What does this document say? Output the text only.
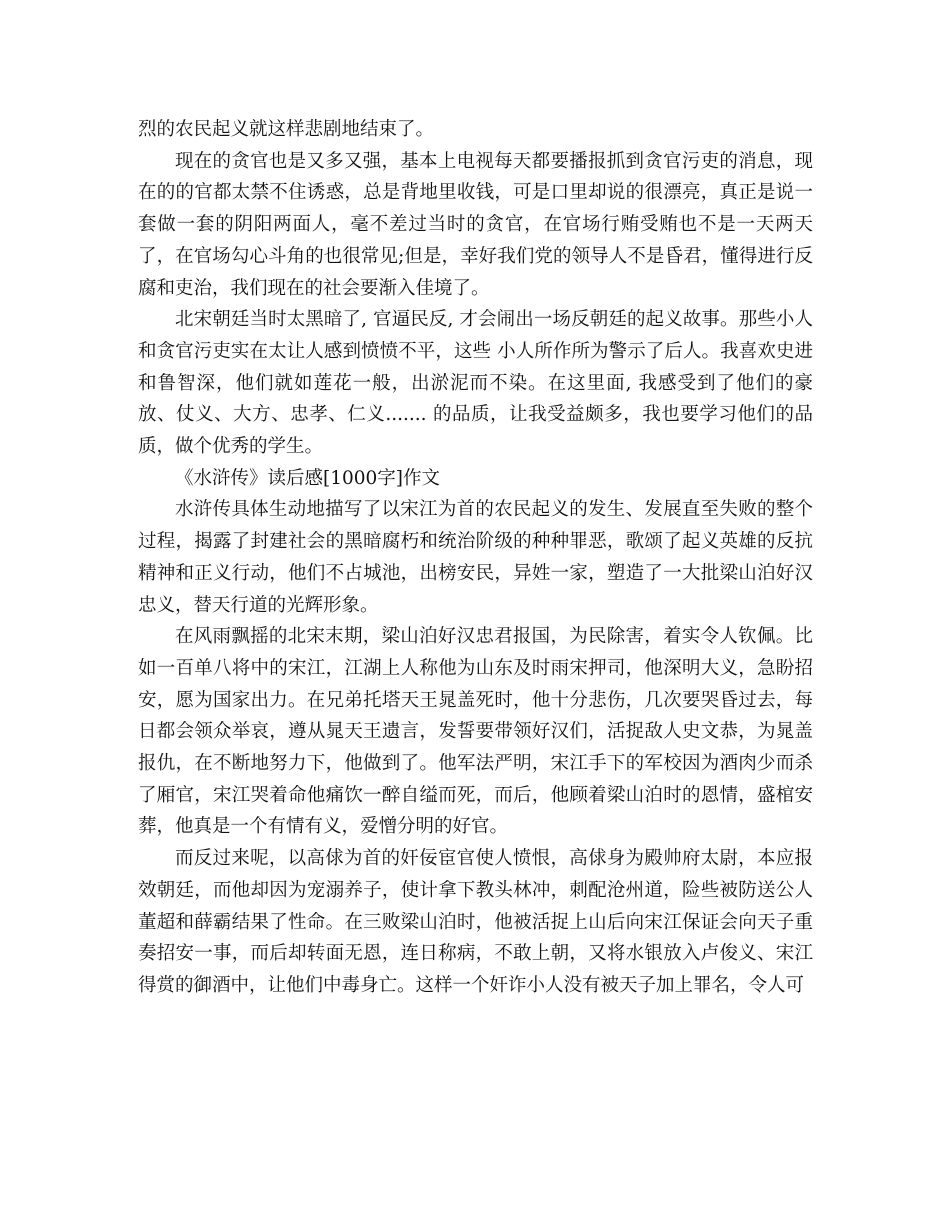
烈的农民起义就这样悲剧地结束了。

现在的贪官也是又多又强，基本上电视每天都要播报抓到贪官污吏的消息，现在的的官都太禁不住诱惑，总是背地里收钱，可是口里却说的很漂亮，真正是说一套做一套的阴阳两面人，毫不差过当时的贪官，在官场行贿受贿也不是一天两天了，在官场勾心斗角的也很常见;但是，幸好我们党的领导人不是昏君，懂得进行反腐和吏治，我们现在的社会要渐入佳境了。

北宋朝廷当时太黑暗了, 官逼民反, 才会闹出一场反朝廷的起义故事。那些小人和贪官污吏实在太让人感到愤愤不平，这些 小人所作所为警示了后人。我喜欢史进和鲁智深，他们就如莲花一般，出淤泥而不染。在这里面, 我感受到了他们的豪放、仗义、大方、忠孝、仁义....... 的品质，让我受益颇多，我也要学习他们的品质，做个优秀的学生。

《水浒传》读后感[1000字]作文

水浒传具体生动地描写了以宋江为首的农民起义的发生、发展直至失败的整个过程，揭露了封建社会的黑暗腐朽和统治阶级的种种罪恶，歌颂了起义英雄的反抗精神和正义行动，他们不占城池，出榜安民，异姓一家，塑造了一大批梁山泊好汉忠义，替天行道的光辉形象。

在风雨飘摇的北宋末期，梁山泊好汉忠君报国，为民除害，着实令人钦佩。比如一百单八将中的宋江，江湖上人称他为山东及时雨宋押司，他深明大义，急盼招安，愿为国家出力。在兄弟托塔天王晁盖死时，他十分悲伤，几次要哭昏过去，每日都会领众举哀，遵从晁天王遗言，发誓要带领好汉们，活捉敌人史文恭，为晁盖报仇，在不断地努力下，他做到了。他军法严明，宋江手下的军校因为酒肉少而杀了厢官，宋江哭着命他痛饮一醉自缢而死，而后，他顾着梁山泊时的恩情，盛棺安葬，他真是一个有情有义，爱憎分明的好官。

而反过来呢，以高俅为首的奸佞宦官使人愤恨，高俅身为殿帅府太尉，本应报效朝廷，而他却因为宠溺养子，使计拿下教头林冲，刺配沧州道，险些被防送公人董超和薛霸结果了性命。在三败梁山泊时，他被活捉上山后向宋江保证会向天子重奏招安一事，而后却转面无恩，连日称病，不敢上朝，又将水银放入卢俊义、宋江得赏的御酒中，让他们中毒身亡。这样一个奸诈小人没有被天子加上罪名，令人可
